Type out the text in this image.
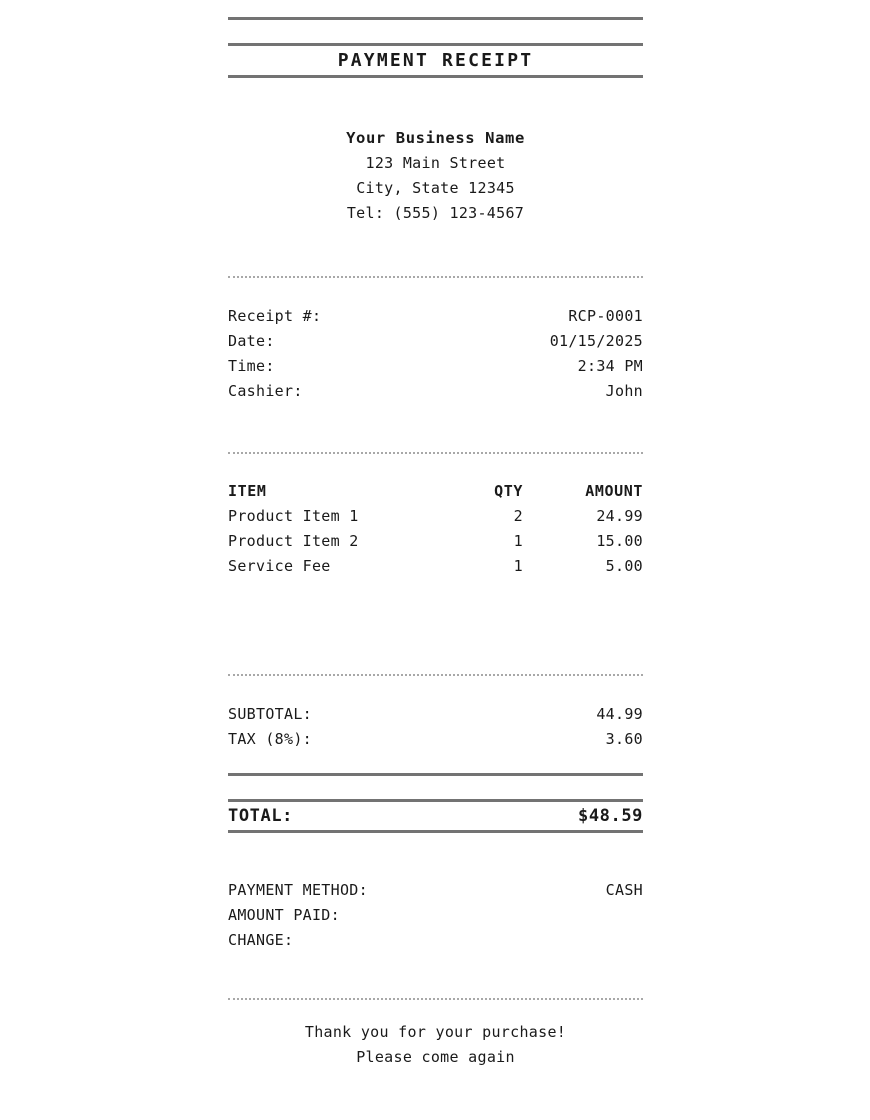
PAYMENT RECEIPT
Your Business Name
123 Main Street
City, State 12345
Tel: (555) 123-4567
Receipt #:	RCP-0001
Date:	01/15/2025
Time:	2:34 PM
Cashier:	John
ITEM	QTY	AMOUNT
Product Item 1	2	24.99
Product Item 2	1	15.00
Service Fee	1	5.00
SUBTOTAL:	44.99
TAX (8%):	3.60
TOTAL:	$48.59
PAYMENT METHOD:	CASH
AMOUNT PAID:
CHANGE:
Thank you for your purchase!
Please come again
